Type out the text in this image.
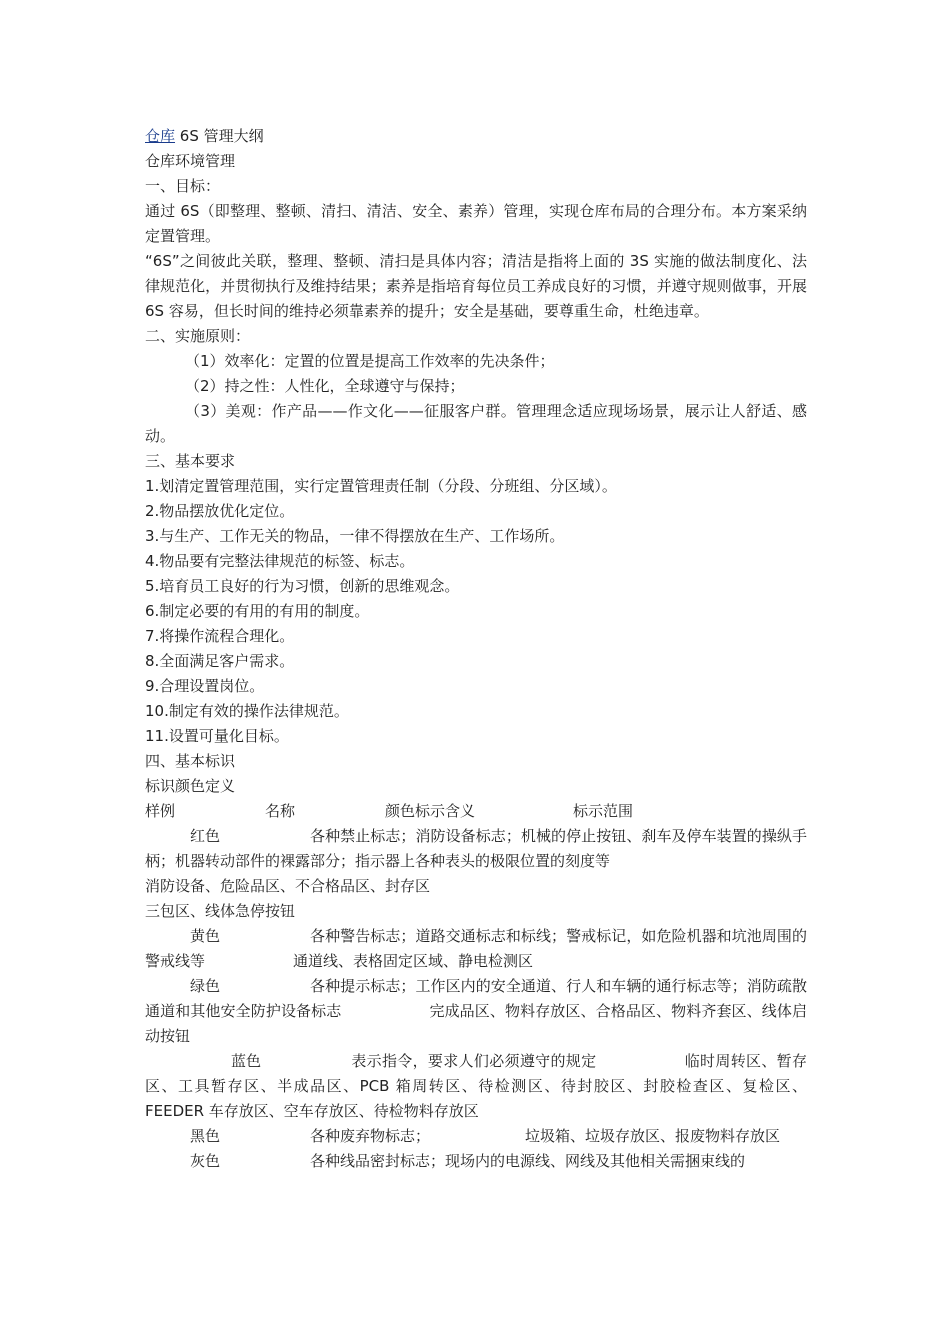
仓库 6S 管理大纲
仓库环境管理
一、目标：
通过 6S（即整理、整顿、清扫、清洁、安全、素养）管理，实现仓库布局的合理分布。本方案采纳定置管理。
“6S”之间彼此关联，整理、整顿、清扫是具体内容；清洁是指将上面的 3S 实施的做法制度化、法律规范化，并贯彻执行及维持结果；素养是指培育每位员工养成良好的习惯，并遵守规则做事，开展 6S 容易，但长时间的维持必须靠素养的提升；安全是基础，要尊重生命，杜绝违章。
二、实施原则：
（1）效率化：定置的位置是提高工作效率的先决条件；
（2）持之性：人性化，全球遵守与保持；
（3）美观：作产品——作文化——征服客户群。管理理念适应现场场景，展示让人舒适、感动。
三、基本要求
1.划清定置管理范围，实行定置管理责任制（分段、分班组、分区域）。
2.物品摆放优化定位。
3.与生产、工作无关的物品，一律不得摆放在生产、工作场所。
4.物品要有完整法律规范的标签、标志。
5.培育员工良好的行为习惯，创新的思维观念。
6.制定必要的有用的有用的制度。
7.将操作流程合理化。
8.全面满足客户需求。
9.合理设置岗位。
10.制定有效的操作法律规范。
11.设置可量化目标。
四、基本标识
标识颜色定义
样例	名称	颜色标示含义	标示范围
红色	各种禁止标志；消防设备标志；机械的停止按钮、刹车及停车装置的操纵手柄；机器转动部件的裸露部分；指示器上各种表头的极限位置的刻度等
消防设备、危险品区、不合格品区、封存区
三包区、线体急停按钮
黄色	各种警告标志；道路交通标志和标线；警戒标记，如危险机器和坑池周围的警戒线等	通道线、表格固定区域、静电检测区
绿色	各种提示标志；工作区内的安全通道、行人和车辆的通行标志等；消防疏散通道和其他安全防护设备标志	完成品区、物料存放区、合格品区、物料齐套区、线体启动按钮
蓝色	表示指令，要求人们必须遵守的规定	临时周转区、暂存区、工具暂存区、半成品区、PCB 箱周转区、待检测区、待封胶区、封胶检查区、复检区、FEEDER 车存放区、空车存放区、待检物料存放区
黑色	各种废弃物标志；	垃圾箱、垃圾存放区、报废物料存放区
灰色	各种线品密封标志；现场内的电源线、网线及其他相关需捆束线的
